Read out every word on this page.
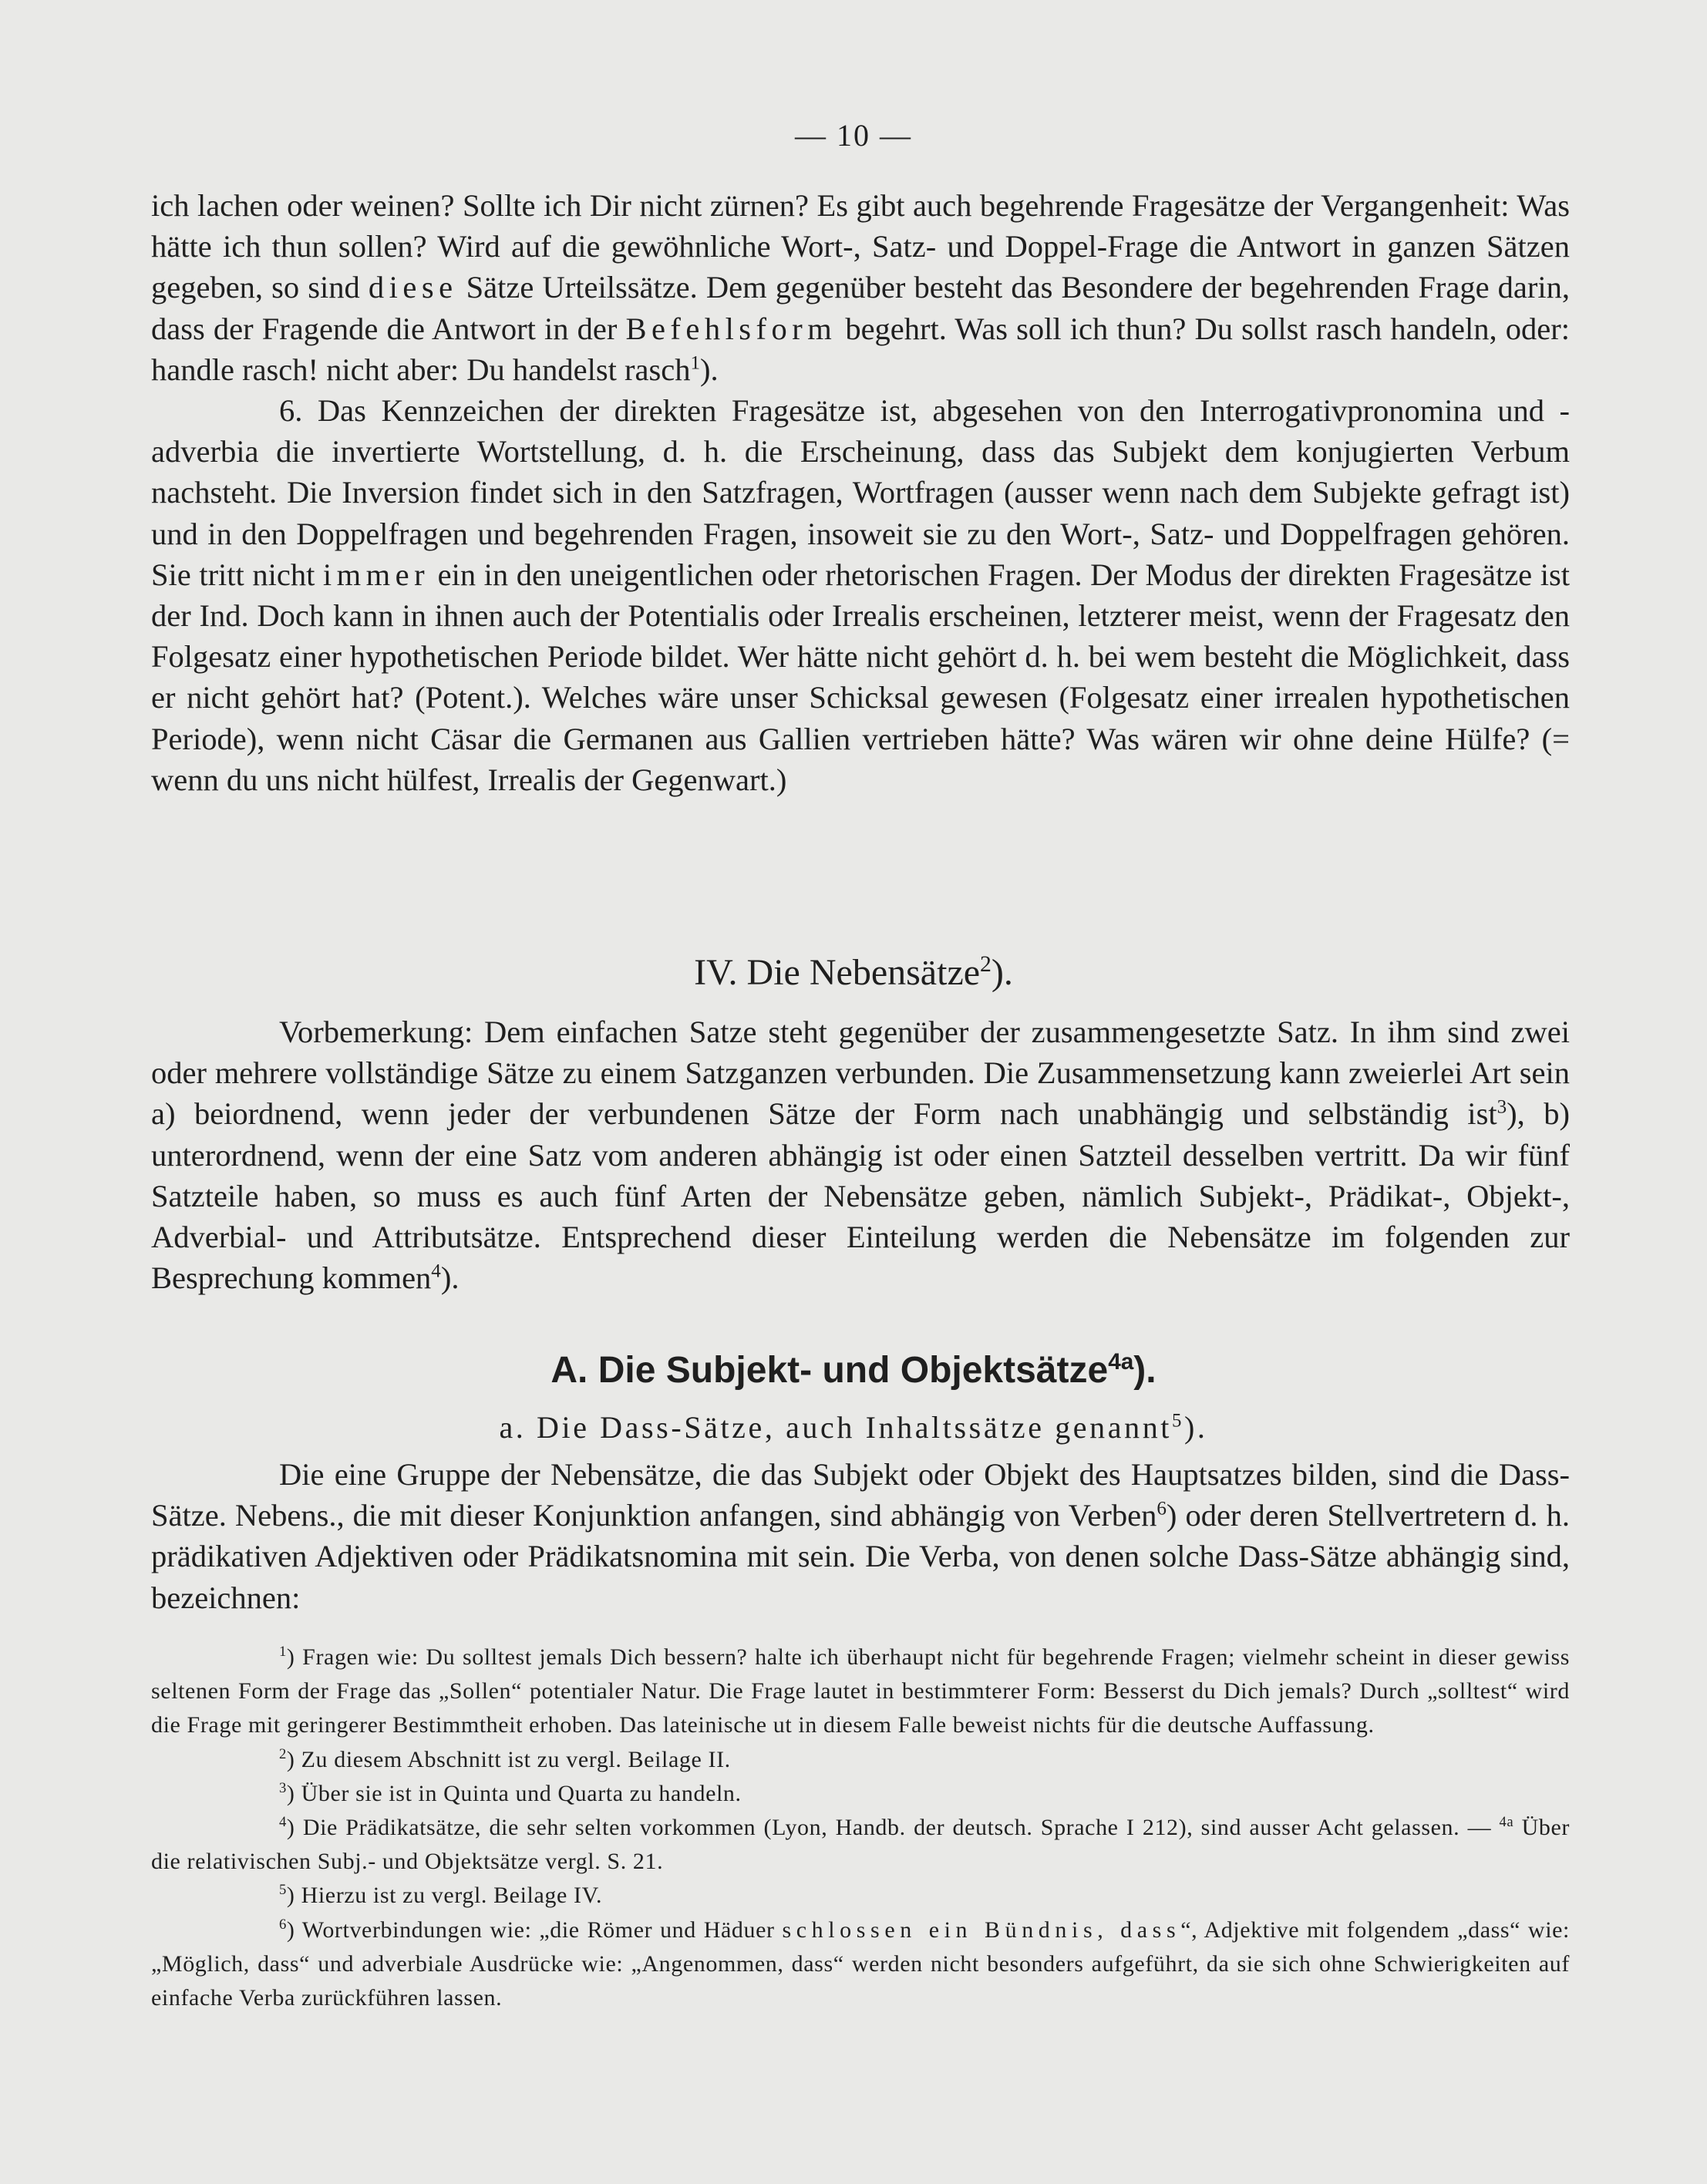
— 10 —

ich lachen oder weinen? Sollte ich Dir nicht zürnen? Es gibt auch begehrende Fragesätze der Vergangenheit: Was hätte ich thun sollen? Wird auf die gewöhnliche Wort-, Satz- und Doppel-Frage die Antwort in ganzen Sätzen gegeben, so sind diese Sätze Urteilssätze. Dem gegenüber besteht das Besondere der begehrenden Frage darin, dass der Fragende die Antwort in der Befehlsform begehrt. Was soll ich thun? Du sollst rasch handeln, oder: handle rasch! nicht aber: Du handelst rasch$^1$).

6. Das Kennzeichen der direkten Fragesätze ist, abgesehen von den Interrogativpronomina und -adverbia die invertierte Wortstellung, d. h. die Erscheinung, dass das Subjekt dem konjugierten Verbum nachsteht. Die Inversion findet sich in den Satzfragen, Wortfragen (ausser wenn nach dem Subjekte gefragt ist) und in den Doppelfragen und begehrenden Fragen, insoweit sie zu den Wort-, Satz- und Doppelfragen gehören. Sie tritt nicht immer ein in den uneigentlichen oder rhetorischen Fragen. Der Modus der direkten Fragesätze ist der Ind. Doch kann in ihnen auch der Potentialis oder Irrealis erscheinen, letzterer meist, wenn der Fragesatz den Folgesatz einer hypothetischen Periode bildet. Wer hätte nicht gehört d. h. bei wem besteht die Möglichkeit, dass er nicht gehört hat? (Potent.). Welches wäre unser Schicksal gewesen (Folgesatz einer irrealen hypothetischen Periode), wenn nicht Cäsar die Germanen aus Gallien vertrieben hätte? Was wären wir ohne deine Hülfe? (= wenn du uns nicht hülfest, Irrealis der Gegenwart.)

IV. Die Nebensätze$^2$).

Vorbemerkung: Dem einfachen Satze steht gegenüber der zusammengesetzte Satz. In ihm sind zwei oder mehrere vollständige Sätze zu einem Satzganzen verbunden. Die Zusammensetzung kann zweierlei Art sein a) beiordnend, wenn jeder der verbundenen Sätze der Form nach unabhängig und selbständig ist$^3$), b) unterordnend, wenn der eine Satz vom anderen abhängig ist oder einen Satzteil desselben vertritt. Da wir fünf Satzteile haben, so muss es auch fünf Arten der Nebensätze geben, nämlich Subjekt-, Prädikat-, Objekt-, Adverbial- und Attributsätze. Entsprechend dieser Einteilung werden die Nebensätze im folgenden zur Besprechung kommen$^4$).

A. Die Subjekt- und Objektsätze$^{4a}$).
a. Die Dass-Sätze, auch Inhaltssätze genannt$^5$).

Die eine Gruppe der Nebensätze, die das Subjekt oder Objekt des Hauptsatzes bilden, sind die Dass-Sätze. Nebens., die mit dieser Konjunktion anfangen, sind abhängig von Verben$^6$) oder deren Stellvertretern d. h. prädikativen Adjektiven oder Prädikatsnomina mit sein. Die Verba, von denen solche Dass-Sätze abhängig sind, bezeichnen:

$^1$) Fragen wie: Du solltest jemals Dich bessern? halte ich überhaupt nicht für begehrende Fragen; vielmehr scheint in dieser gewiss seltenen Form der Frage das „Sollen“ potentialer Natur. Die Frage lautet in bestimmterer Form: Besserst du Dich jemals? Durch „solltest“ wird die Frage mit geringerer Bestimmtheit erhoben. Das lateinische ut in diesem Falle beweist nichts für die deutsche Auffassung.

$^2$) Zu diesem Abschnitt ist zu vergl. Beilage II.

$^3$) Über sie ist in Quinta und Quarta zu handeln.

$^4$) Die Prädikatsätze, die sehr selten vorkommen (Lyon, Handb. der deutsch. Sprache I 212), sind ausser Acht gelassen. — $^{4a}$ Über die relativischen Subj.- und Objektsätze vergl. S. 21.

$^5$) Hierzu ist zu vergl. Beilage IV.

$^6$) Wortverbindungen wie: „die Römer und Häduer schlossen ein Bündnis, dass“, Adjektive mit folgendem „dass“ wie: „Möglich, dass“ und adverbiale Ausdrücke wie: „Angenommen, dass“ werden nicht besonders aufgeführt, da sie sich ohne Schwierigkeiten auf einfache Verba zurückführen lassen.
